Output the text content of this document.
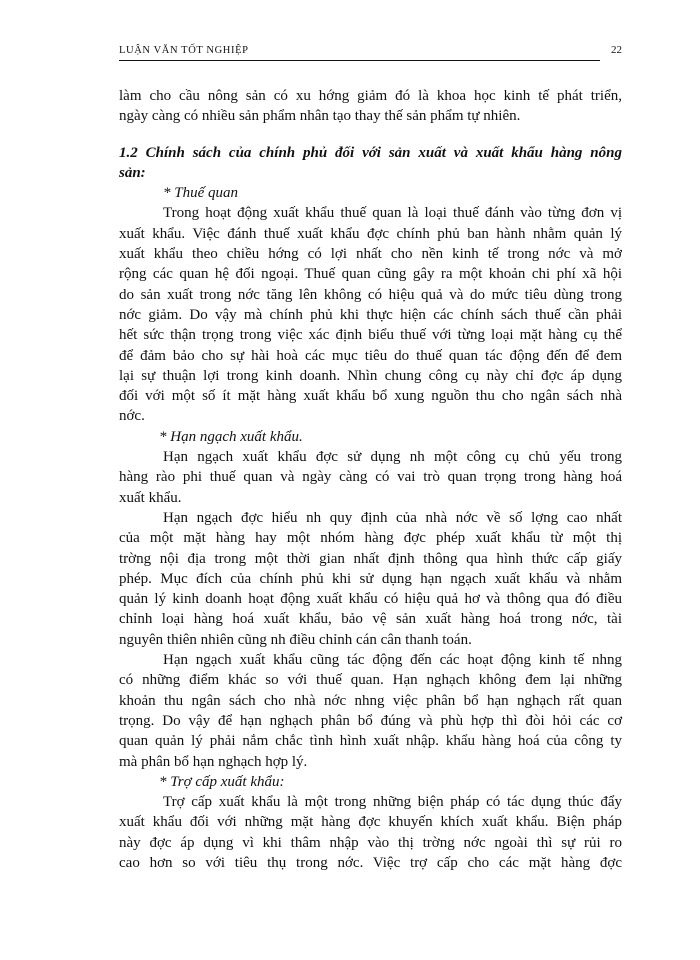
LUẬN VĂN TỐT NGHIỆP	22

làm cho cầu nông sản có xu hớng giảm đó là khoa học kinh tế phát triển,

ngày càng có nhiều sản phẩm nhân tạo thay thế sản phẩm tự nhiên.

1.2 Chính sách của chính phủ đối với sản xuất và xuất khẩu hàng nông

sản:

* Thuế quan

Trong hoạt động xuất khẩu thuế quan là loại thuế đánh vào từng đơn vị

xuất khẩu. Việc đánh thuế xuất khẩu đợc chính phủ ban hành nhằm quản lý

xuất khẩu theo chiều hớng có lợi nhất cho nền kinh tế trong nớc và mở

rộng các quan hệ đối ngoại. Thuế quan cũng gây ra một khoản chi phí xã hội

do sản xuất trong nớc tăng lên không có hiệu quả và do mức tiêu dùng trong

nớc giảm. Do vậy mà chính phủ khi thực hiện các chính sách thuế cần phải

hết sức thận trọng trong việc xác định biểu thuế với từng loại mặt hàng cụ thể

để đảm bảo cho sự hài hoà các mục tiêu do thuế quan tác động đến để đem

lại sự thuận lợi trong kinh doanh. Nhìn chung công cụ này chỉ đợc áp dụng

đối với một số ít mặt hàng xuất khẩu bổ xung nguồn thu cho ngân sách nhà

nớc.

* Hạn ngạch xuất khẩu.

Hạn ngạch xuất khẩu đợc sử dụng nh một công cụ chủ yếu trong

hàng rào phi thuế quan và ngày càng có vai trò quan trọng trong hàng hoá

xuất khẩu.

Hạn ngạch đợc hiểu nh quy định của nhà nớc về số lợng cao nhất

của một mặt hàng hay một nhóm hàng đợc phép xuất khẩu từ một thị

trờng nội địa trong một thời gian nhất định thông qua hình thức cấp giấy

phép. Mục đích của chính phủ khi sử dụng hạn ngạch xuất khẩu và nhằm

quản lý kinh doanh hoạt động xuất khẩu có hiệu quả hơ và thông qua đó điều

chỉnh loại hàng hoá xuất khẩu, bảo vệ sản xuất hàng hoá trong nớc, tài

nguyên thiên nhiên cũng nh điều chỉnh cán cân thanh toán.

Hạn ngạch xuất khẩu cũng tác động đến các hoạt động kinh tế nhng

có những điểm khác so với thuế quan. Hạn nghạch không đem lại những

khoản thu ngân sách cho nhà nớc nhng việc phân bổ hạn nghạch rất quan

trọng. Do vậy để hạn nghạch phân bổ đúng và phù hợp thì đòi hỏi các cơ

quan quản lý phải nắm chắc tình hình xuất nhập. khẩu hàng hoá của công ty

mà phân bổ hạn nghạch hợp lý.

* Trợ cấp xuất khẩu:

Trợ cấp xuất khẩu là một trong những biện pháp có tác dụng thúc đẩy

xuất khẩu đối với những mặt hàng đợc khuyến khích xuất khẩu. Biện pháp

này đợc áp dụng vì khi thâm nhập vào thị trờng nớc ngoài thì sự rủi ro

cao hơn so với tiêu thụ trong nớc. Việc trợ cấp cho các mặt hàng đợc
